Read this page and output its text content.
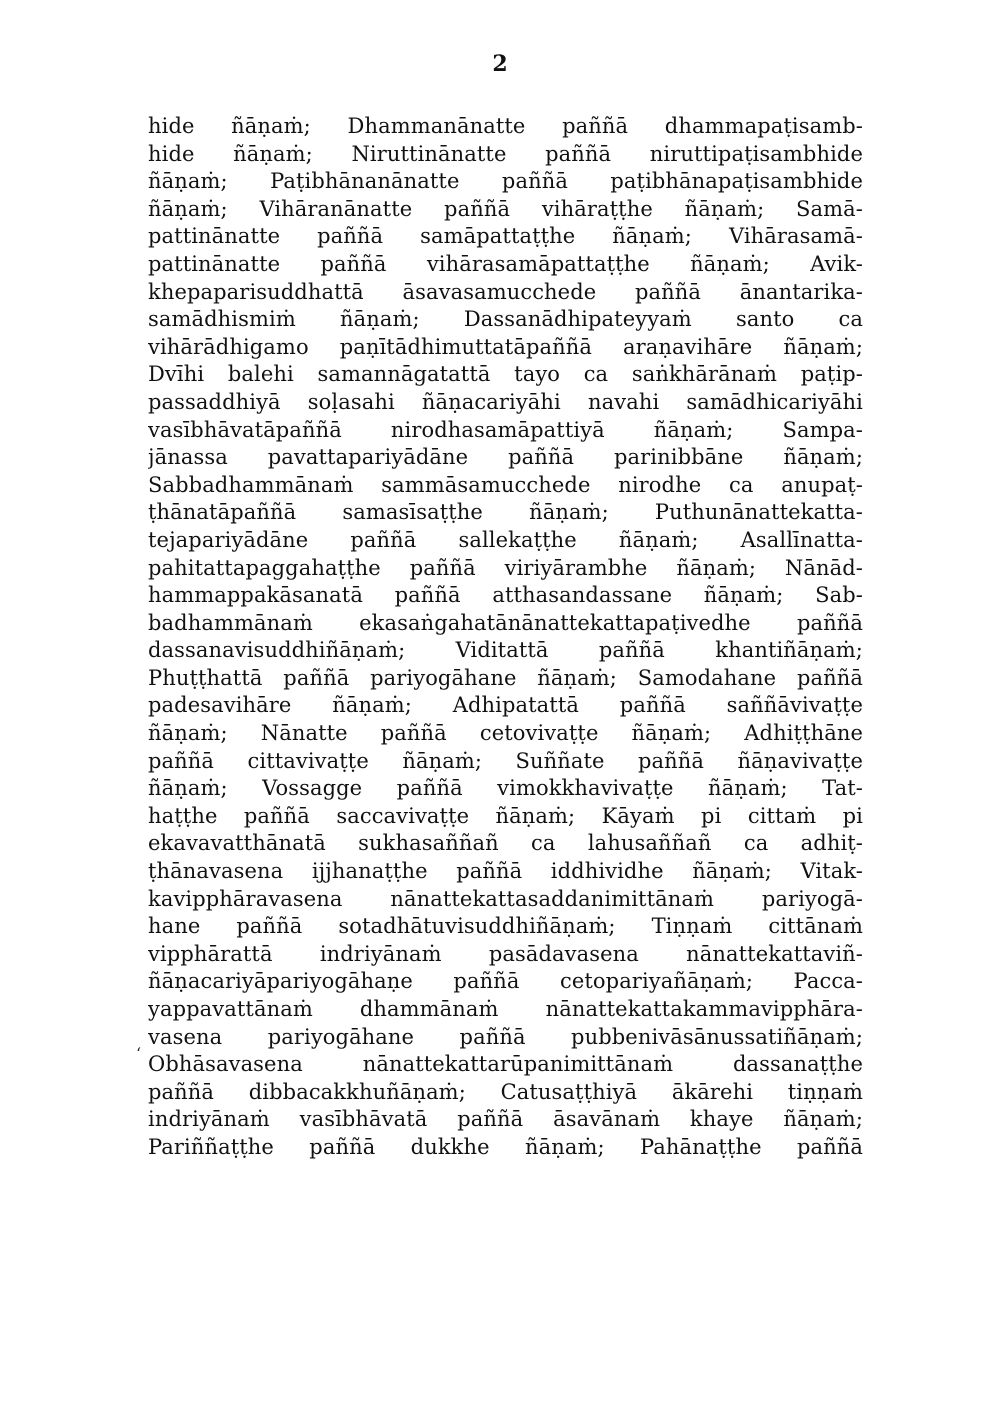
2
ʻ
hide ñāṇaṁ; Dhammanānatte paññā dhammapaṭisamb-
hide ñāṇaṁ; Niruttinānatte paññā niruttipaṭisambhide
ñāṇaṁ; Paṭibhānanānatte paññā paṭibhānapaṭisambhide
ñāṇaṁ; Vihāranānatte paññā vihāraṭṭhe ñāṇaṁ; Samā-
pattinānatte paññā samāpattaṭṭhe ñāṇaṁ; Vihārasamā-
pattinānatte paññā vihārasamāpattaṭṭhe ñāṇaṁ; Avik-
khepaparisuddhattā āsavasamucchede paññā ānantarika-
samādhismiṁ ñāṇaṁ; Dassanādhipateyyaṁ santo ca
vihārādhigamo paṇītādhimuttatāpaññā araṇavihāre ñāṇaṁ;
Dvīhi balehi samannāgatattā tayo ca saṅkhārānaṁ paṭip-
passaddhiyā soḷasahi ñāṇacariyāhi navahi samādhicariyāhi
vasībhāvatāpaññā nirodhasamāpattiyā ñāṇaṁ; Sampa-
jānassa pavattapariyādāne paññā parinibbāne ñāṇaṁ;
Sabbadhammānaṁ sammāsamucchede nirodhe ca anupaṭ-
ṭhānatāpaññā samasīsaṭṭhe ñāṇaṁ; Puthunānattekatta-
tejapariyādāne paññā sallekaṭṭhe ñāṇaṁ; Asallīnatta-
pahitattapaggahaṭṭhe paññā viriyārambhe ñāṇaṁ; Nānād-
hammappakāsanatā paññā atthasandassane ñāṇaṁ; Sab-
badhammānaṁ ekasaṅgahatānānattekattapaṭivedhe paññā
dassanavisuddhiñāṇaṁ; Viditattā paññā khantiñāṇaṁ;
Phuṭṭhattā paññā pariyogāhane ñāṇaṁ; Samodahane paññā
padesavihāre ñāṇaṁ; Adhipatattā paññā saññāvivaṭṭe
ñāṇaṁ; Nānatte paññā cetovivaṭṭe ñāṇaṁ; Adhiṭṭhāne
paññā cittavivaṭṭe ñāṇaṁ; Suññate paññā ñāṇavivaṭṭe
ñāṇaṁ; Vossagge paññā vimokkhavivaṭṭe ñāṇaṁ; Tat-
haṭṭhe paññā saccavivaṭṭe ñāṇaṁ; Kāyaṁ pi cittaṁ pi
ekavavatthānatā sukhasaññañ ca lahusaññañ ca adhiṭ-
ṭhānavasena ijjhanaṭṭhe paññā iddhividhe ñāṇaṁ; Vitak-
kavipphāravasena nānattekattasaddanimittānaṁ pariyogā-
hane paññā sotadhātuvisuddhiñāṇaṁ; Tiṇṇaṁ cittānaṁ
vipphārattā indriyānaṁ pasādavasena nānattekattaviñ-
ñāṇacariyāpariyogāhaṇe paññā cetopariyañāṇaṁ; Pacca-
yappavattānaṁ dhammānaṁ nānattekattakammavipphāra-
vasena pariyogāhane paññā pubbenivāsānussatiñāṇaṁ;
Obhāsavasena nānattekattarūpanimittānaṁ dassanaṭṭhe
paññā dibbacakkhuñāṇaṁ; Catusaṭṭhiyā ākārehi tiṇṇaṁ
indriyānaṁ vasībhāvatā paññā āsavānaṁ khaye ñāṇaṁ;
Pariññaṭṭhe paññā dukkhe ñāṇaṁ; Pahānaṭṭhe paññā
